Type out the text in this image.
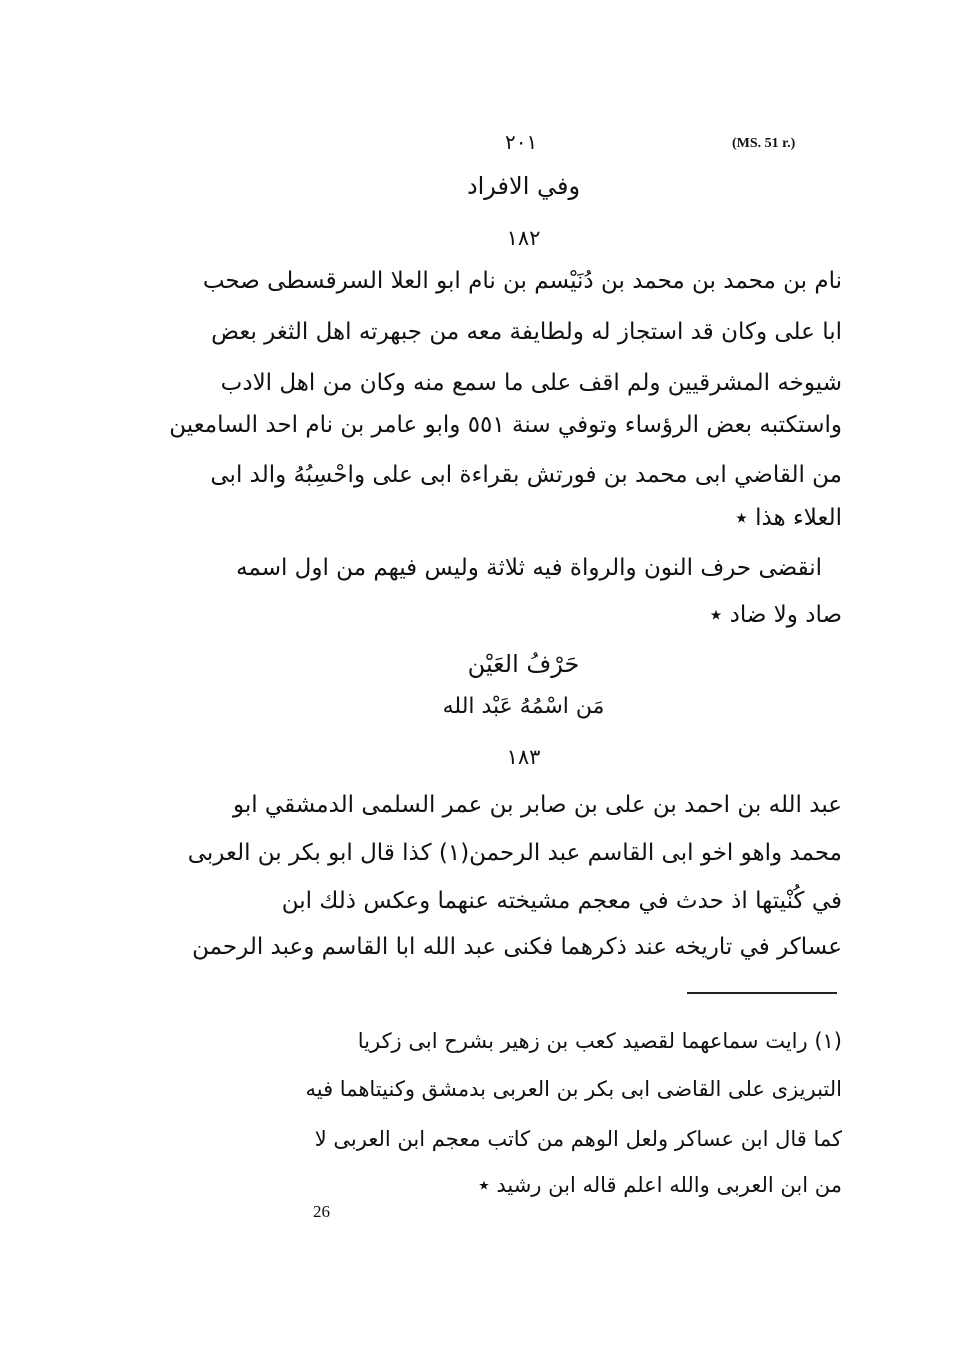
٢٠١	(MS. 51 r.)
وفي الافراد
١٨٢
نام بن محمد بن محمد بن دُنَيْسم بن نام ابو العلا السرقسطى صحب
ابا على وكان قد استجاز له ولطايفة معه من جبهرته اهل الثغر بعض
شيوخه المشرقيين ولم اقف على ما سمع منه وكان من اهل الادب
واستكتبه بعض الرؤساء وتوفي سنة ٥٥١ وابو عامر بن نام احد السامعين
من القاضي ابى محمد بن فورتش بقراءة ابى على واحْسِبُهُ والد ابى
العلاء هذا ٭
انقضى حرف النون والرواة فيه ثلاثة وليس فيهم من اول اسمه
صاد ولا ضاد ٭
حَرْفُ العَيْن
مَن اسْمُهُ عَبْد الله
١٨٣
عبد الله بن احمد بن على بن صابر بن عمر السلمى الدمشقي ابو
محمد واهو اخو ابى القاسم عبد الرحمن(١) كذا قال ابو بكر بن العربى
في كُنْيتها اذ حدث في معجم مشيخته عنهما وعكس ذلك ابن
عساكر في تاريخه عند ذكرهما فكنى عبد الله ابا القاسم وعبد الرحمن
(١) رايت سماعهما لقصيد كعب بن زهير بشرح ابى زكريا
التبريزى على القاضى ابى بكر بن العربى بدمشق وكنيتاهما فيه
كما قال ابن عساكر ولعل الوهم من كاتب معجم ابن العربى لا
من ابن العربى والله اعلم قاله ابن رشيد ٭
26
